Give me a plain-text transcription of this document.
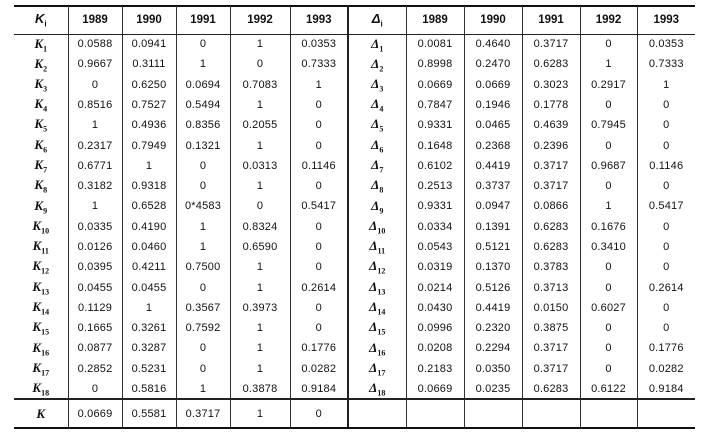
$K_i$	1989	1990	1991	1992	1993	$\Delta_i$	1989	1990	1991	1992	1993
$K_1$	0.0588	0.0941	0	1	0.0353	$\Delta_1$	0.0081	0.4640	0.3717	0	0.0353
$K_2$	0.9667	0.3111	1	0	0.7333	$\Delta_2$	0.8998	0.2470	0.6283	1	0.7333
$K_3$	0	0.6250	0.0694	0.7083	1	$\Delta_3$	0.0669	0.0669	0.3023	0.2917	1
$K_4$	0.8516	0.7527	0.5494	1	0	$\Delta_4$	0.7847	0.1946	0.1778	0	0
$K_5$	1	0.4936	0.8356	0.2055	0	$\Delta_5$	0.9331	0.0465	0.4639	0.7945	0
$K_6$	0.2317	0.7949	0.1321	1	0	$\Delta_6$	0.1648	0.2368	0.2396	0	0
$K_7$	0.6771	1	0	0.0313	0.1146	$\Delta_7$	0.6102	0.4419	0.3717	0.9687	0.1146
$K_8$	0.3182	0.9318	0	1	0	$\Delta_8$	0.2513	0.3737	0.3717	0	0
$K_9$	1	0.6528	0*4583	0	0.5417	$\Delta_9$	0.9331	0.0947	0.0866	1	0.5417
$K_{10}$	0.0335	0.4190	1	0.8324	0	$\Delta_{10}$	0.0334	0.1391	0.6283	0.1676	0
$K_{11}$	0.0126	0.0460	1	0.6590	0	$\Delta_{11}$	0.0543	0.5121	0.6283	0.3410	0
$K_{12}$	0.0395	0.4211	0.7500	1	0	$\Delta_{12}$	0.0319	0.1370	0.3783	0	0
$K_{13}$	0.0455	0.0455	0	1	0.2614	$\Delta_{13}$	0.0214	0.5126	0.3713	0	0.2614
$K_{14}$	0.1129	1	0.3567	0.3973	0	$\Delta_{14}$	0.0430	0.4419	0.0150	0.6027	0
$K_{15}$	0.1665	0.3261	0.7592	1	0	$\Delta_{15}$	0.0996	0.2320	0.3875	0	0
$K_{16}$	0.0877	0.3287	0	1	0.1776	$\Delta_{16}$	0.0208	0.2294	0.3717	0	0.1776
$K_{17}$	0.2852	0.5231	0	1	0.0282	$\Delta_{17}$	0.2183	0.0350	0.3717	0	0.0282
$K_{18}$	0	0.5816	1	0.3878	0.9184	$\Delta_{18}$	0.0669	0.0235	0.6283	0.6122	0.9184
K	0.0669	0.5581	0.3717	1	0						
